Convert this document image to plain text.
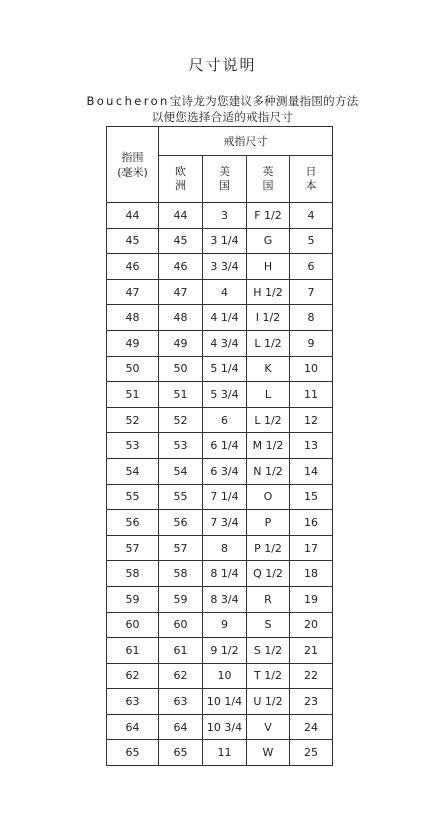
尺寸说明
Boucheron宝诗龙为您建议多种测量指围的方法
以便您选择合适的戒指尺寸
指围
(毫米)	戒指尺寸			
	欧洲	美国	英国	日本
44	44	3	F 1/2	4
45	45	3 1/4	G	5
46	46	3 3/4	H	6
47	47	4	H 1/2	7
48	48	4 1/4	I 1/2	8
49	49	4 3/4	L 1/2	9
50	50	5 1/4	K	10
51	51	5 3/4	L	11
52	52	6	L 1/2	12
53	53	6 1/4	M 1/2	13
54	54	6 3/4	N 1/2	14
55	55	7 1/4	O	15
56	56	7 3/4	P	16
57	57	8	P 1/2	17
58	58	8 1/4	Q 1/2	18
59	59	8 3/4	R	19
60	60	9	S	20
61	61	9 1/2	S 1/2	21
62	62	10	T 1/2	22
63	63	10 1/4	U 1/2	23
64	64	10 3/4	V	24
65	65	11	W	25
